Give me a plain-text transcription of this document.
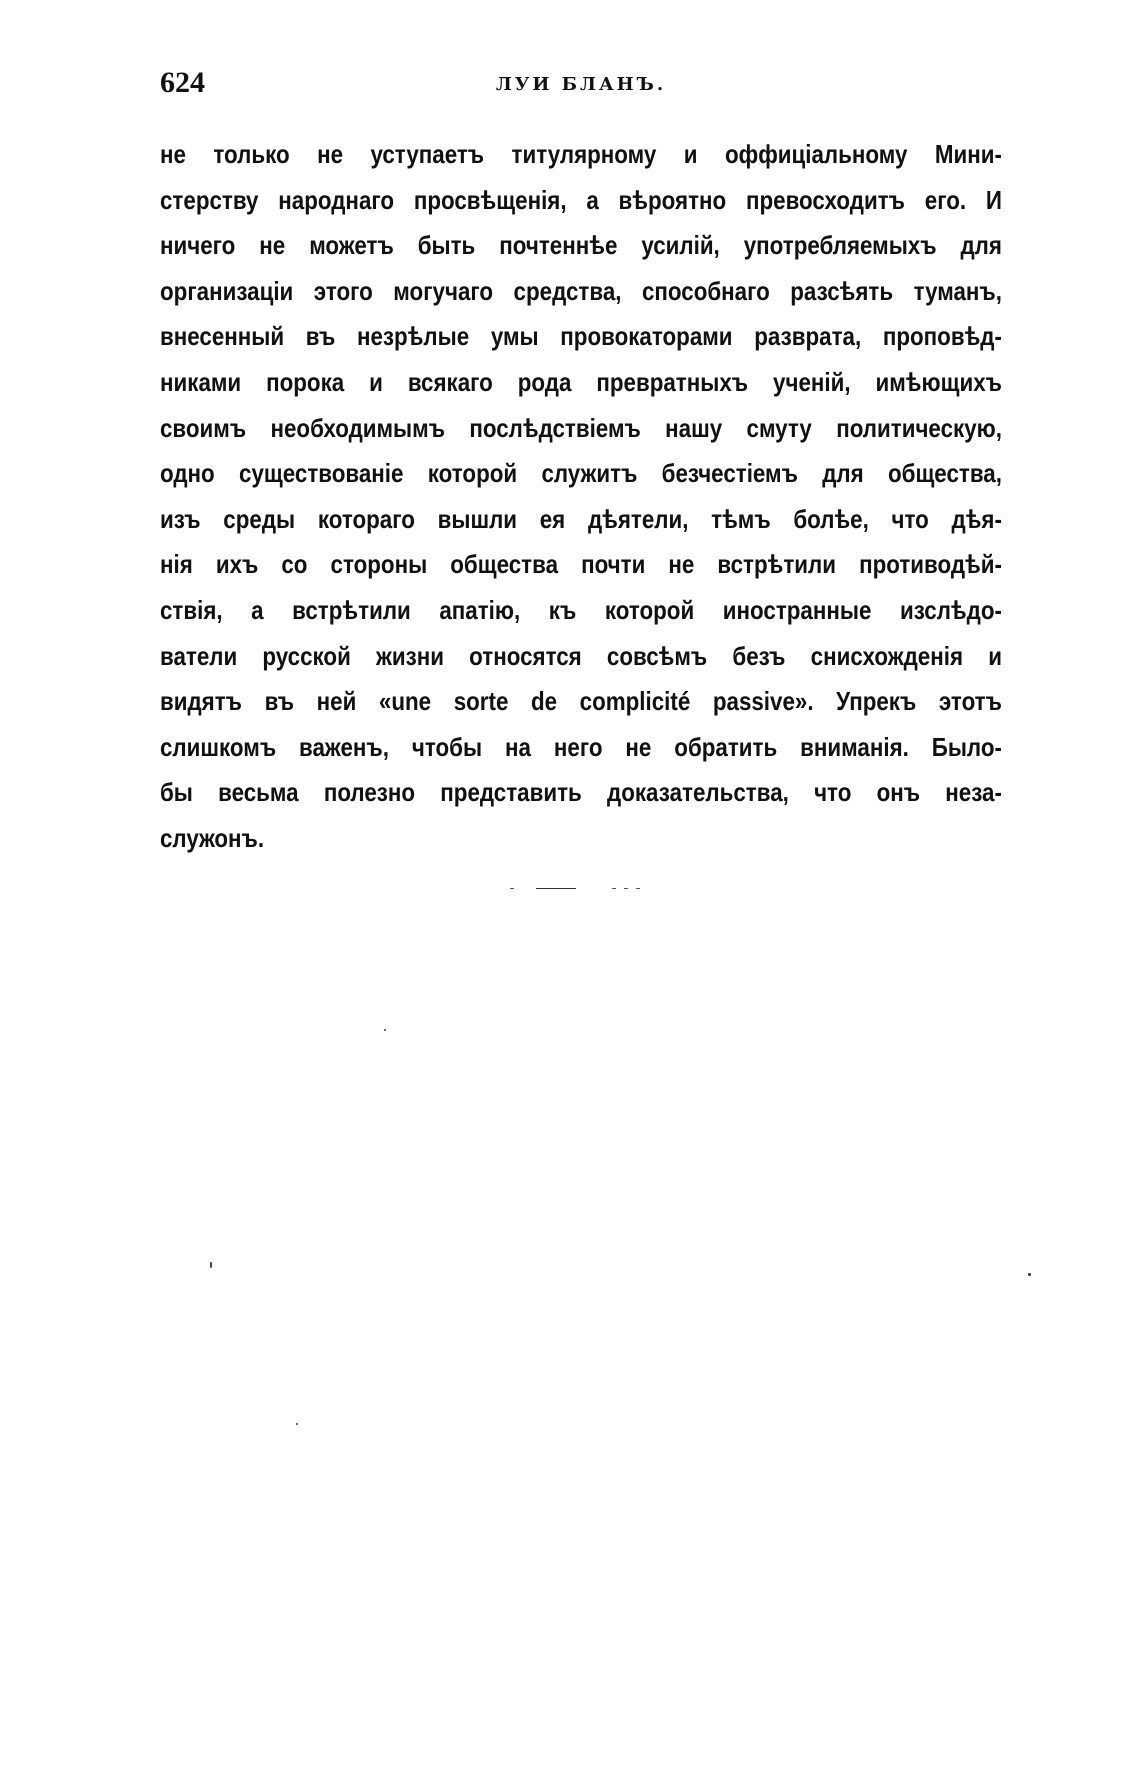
624	ЛУИ БЛАНЪ.
не только не уступаетъ титулярному и оффиціальному Мини-
стерству народнаго просвѣщенія, а вѣроятно превосходитъ его. И
ничего не можетъ быть почтеннѣе усилій, употребляемыхъ для
организаціи этого могучаго средства, способнаго разсѣять туманъ,
внесенный въ незрѣлые умы провокаторами разврата, проповѣд-
никами порока и всякаго рода превратныхъ ученій, имѣющихъ
своимъ необходимымъ послѣдствіемъ нашу смуту политическую,
одно существованіе которой служитъ безчестіемъ для общества,
изъ среды котораго вышли ея дѣятели, тѣмъ болѣе, что дѣя-
нія ихъ со стороны общества почти не встрѣтили противодѣй-
ствія, а встрѣтили апатію, къ которой иностранные изслѣдо-
ватели русской жизни относятся совсѣмъ безъ снисхожденія и
видятъ въ ней «une sorte de complicité passive». Упрекъ этотъ
слишкомъ важенъ, чтобы на него не обратить вниманія. Было-
бы весьма полезно представить доказательства, что онъ неза-
служонъ.
